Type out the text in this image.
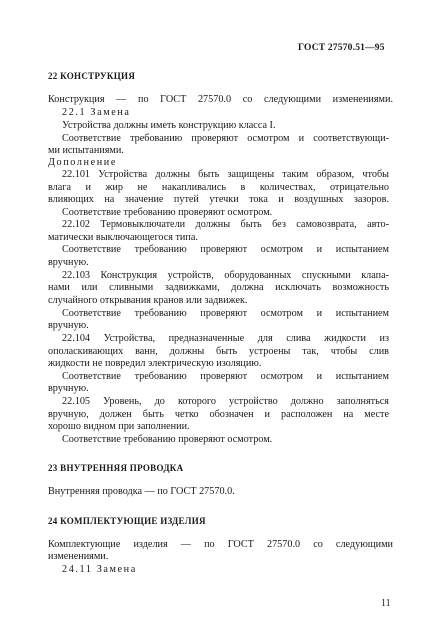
ГОСТ 27570.51—95
22 КОНСТРУКЦИЯ
Конструкция — по ГОСТ 27570.0 со следующими изменениями.
22.1 Замена
Устройства должны иметь конструкцию класса I.
Соответствие требованию проверяют осмотром и соответствующи-
ми испытаниями.
Дополнение
22.101 Устройства должны быть защищены таким образом, чтобы
влага и жир не накапливались в количествах, отрицательно
влияющих на значение путей утечки тока и воздушных зазоров.
Соответствие требованию проверяют осмотром.
22.102 Термовыключатели должны быть без самовозврата, авто-
матически выключающегося типа.
Соответствие требованию проверяют осмотром и испытанием
вручную.
22.103 Конструкция устройств, оборудованных спускными клапа-
нами или сливными задвижками, должна исключать возможность
случайного открывания кранов или задвижек.
Соответствие требованию проверяют осмотром и испытанием
вручную.
22.104 Устройства, предназначенные для слива жидкости из
ополаскивающих ванн, должны быть устроены так, чтобы слив
жидкости не повредил электрическую изоляцию.
Соответствие требованию проверяют осмотром и испытанием
вручную.
22.105 Уровень, до которого устройство должно заполняться
вручную, должен быть четко обозначен и расположен на месте
хорошо видном при заполнении.
Соответствие требованию проверяют осмотром.
23 ВНУТРЕННЯЯ ПРОВОДКА
Внутренняя проводка — по ГОСТ 27570.0.
24 КОМПЛЕКТУЮЩИЕ ИЗДЕЛИЯ
Комплектующие изделия — по ГОСТ 27570.0 со следующими
изменениями.
24.11 Замена
11
